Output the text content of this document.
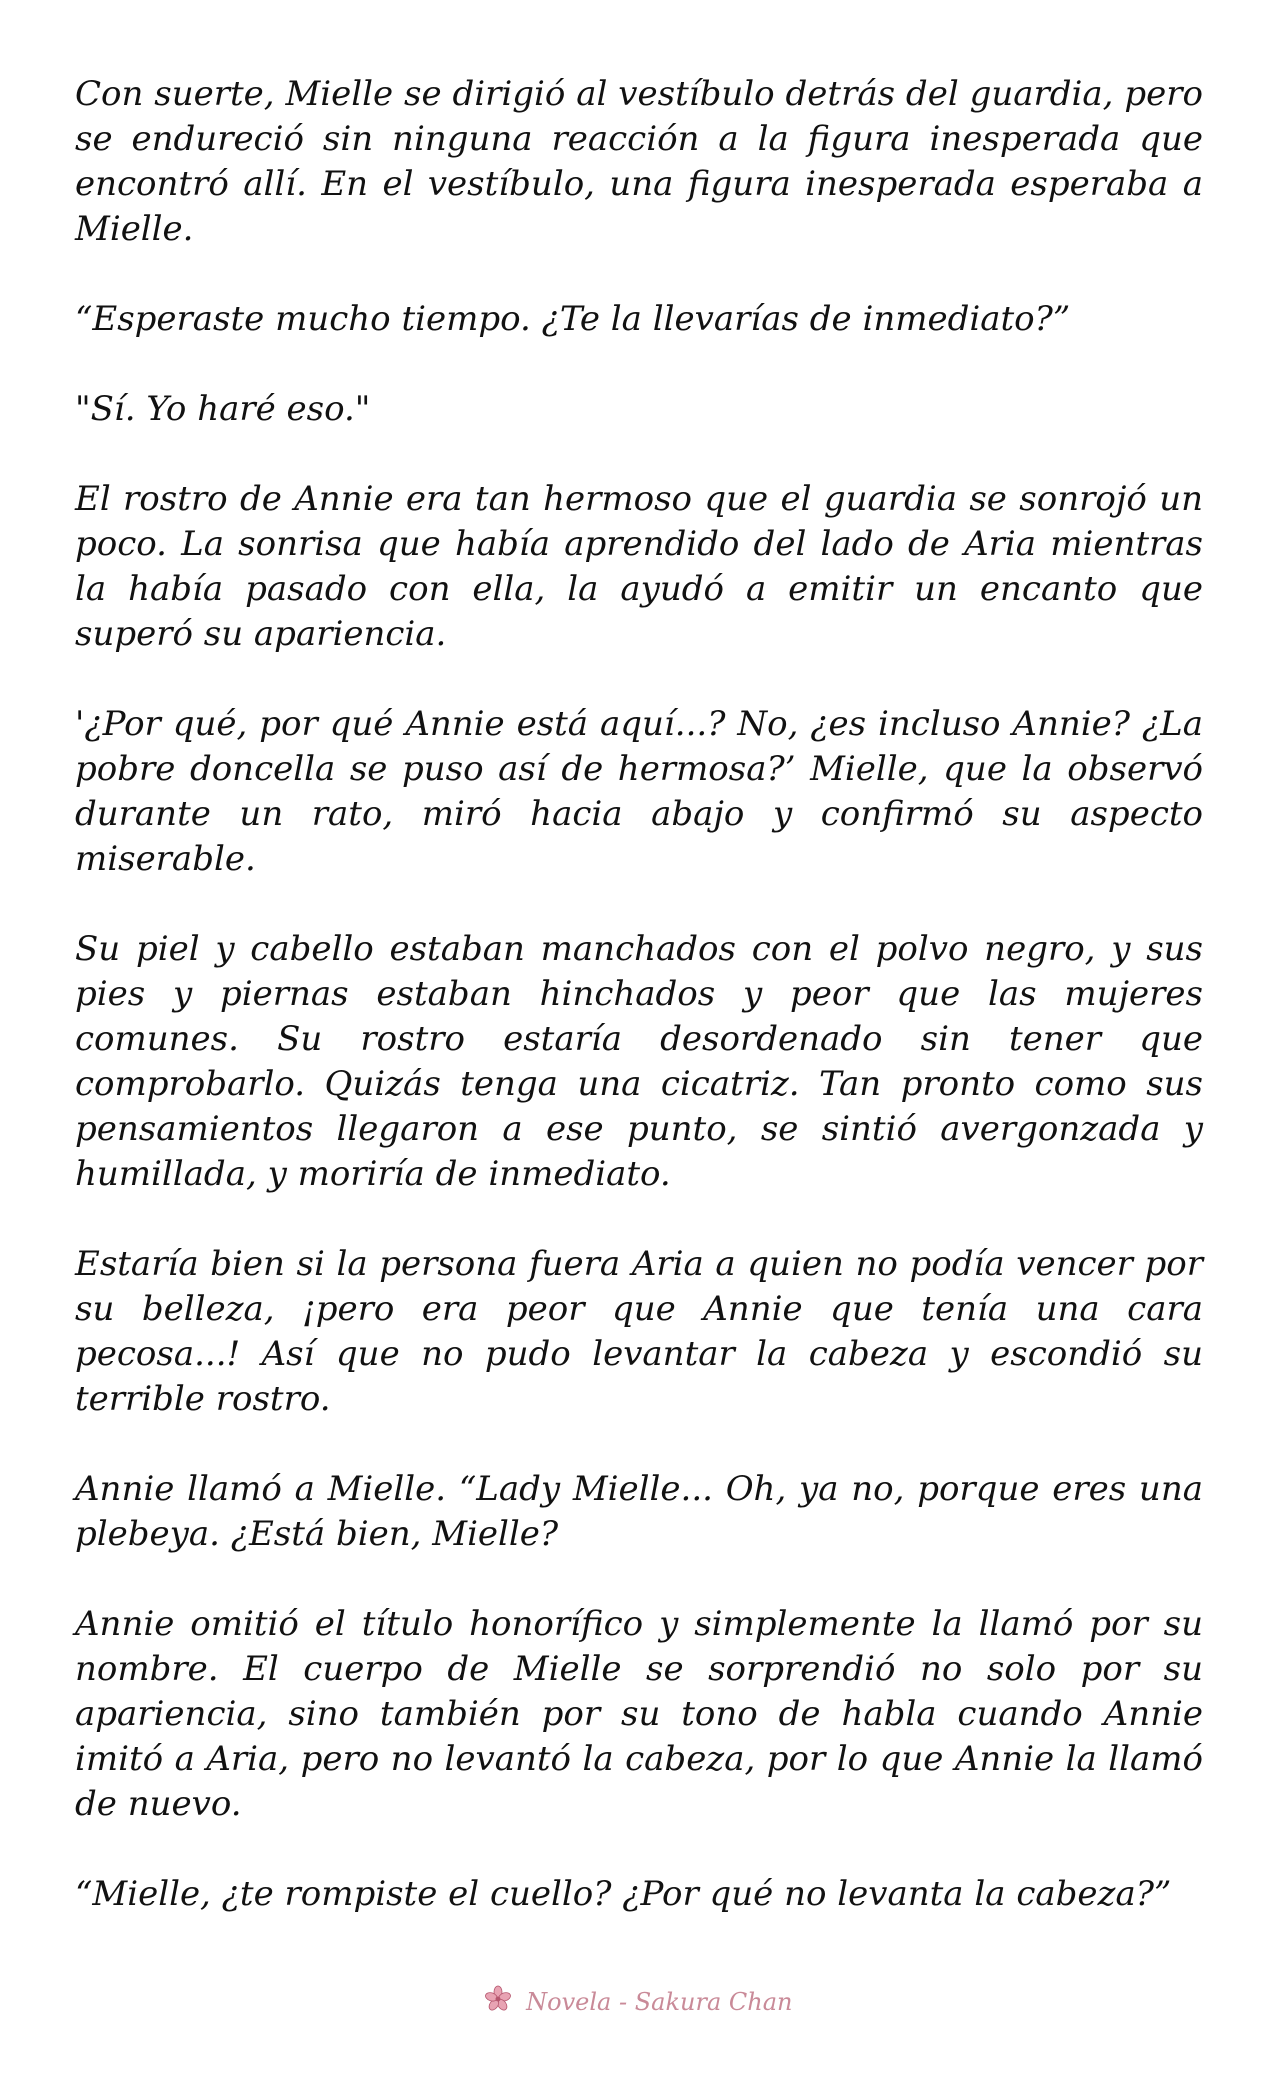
Con suerte, Mielle se dirigió al vestíbulo detrás del guardia, pero se endureció sin ninguna reacción a la figura inesperada que encontró allí. En el vestíbulo, una figura inesperada esperaba a Mielle.

“Esperaste mucho tiempo. ¿Te la llevarías de inmediato?”

"Sí. Yo haré eso."

El rostro de Annie era tan hermoso que el guardia se sonrojó un poco. La sonrisa que había aprendido del lado de Aria mientras la había pasado con ella, la ayudó a emitir un encanto que superó su apariencia.

'¿Por qué, por qué Annie está aquí...? No, ¿es incluso Annie? ¿La pobre doncella se puso así de hermosa?’ Mielle, que la observó durante un rato, miró hacia abajo y confirmó su aspecto miserable.

Su piel y cabello estaban manchados con el polvo negro, y sus pies y piernas estaban hinchados y peor que las mujeres comunes. Su rostro estaría desordenado sin tener que comprobarlo. Quizás tenga una cicatriz. Tan pronto como sus pensamientos llegaron a ese punto, se sintió avergonzada y humillada, y moriría de inmediato.

Estaría bien si la persona fuera Aria a quien no podía vencer por su belleza, ¡pero era peor que Annie que tenía una cara pecosa...! Así que no pudo levantar la cabeza y escondió su terrible rostro.

Annie llamó a Mielle. “Lady Mielle... Oh, ya no, porque eres una plebeya. ¿Está bien, Mielle?

Annie omitió el título honorífico y simplemente la llamó por su nombre. El cuerpo de Mielle se sorprendió no solo por su apariencia, sino también por su tono de habla cuando Annie imitó a Aria, pero no levantó la cabeza, por lo que Annie la llamó de nuevo.

“Mielle, ¿te rompiste el cuello? ¿Por qué no levanta la cabeza?”

Novela - Sakura Chan
